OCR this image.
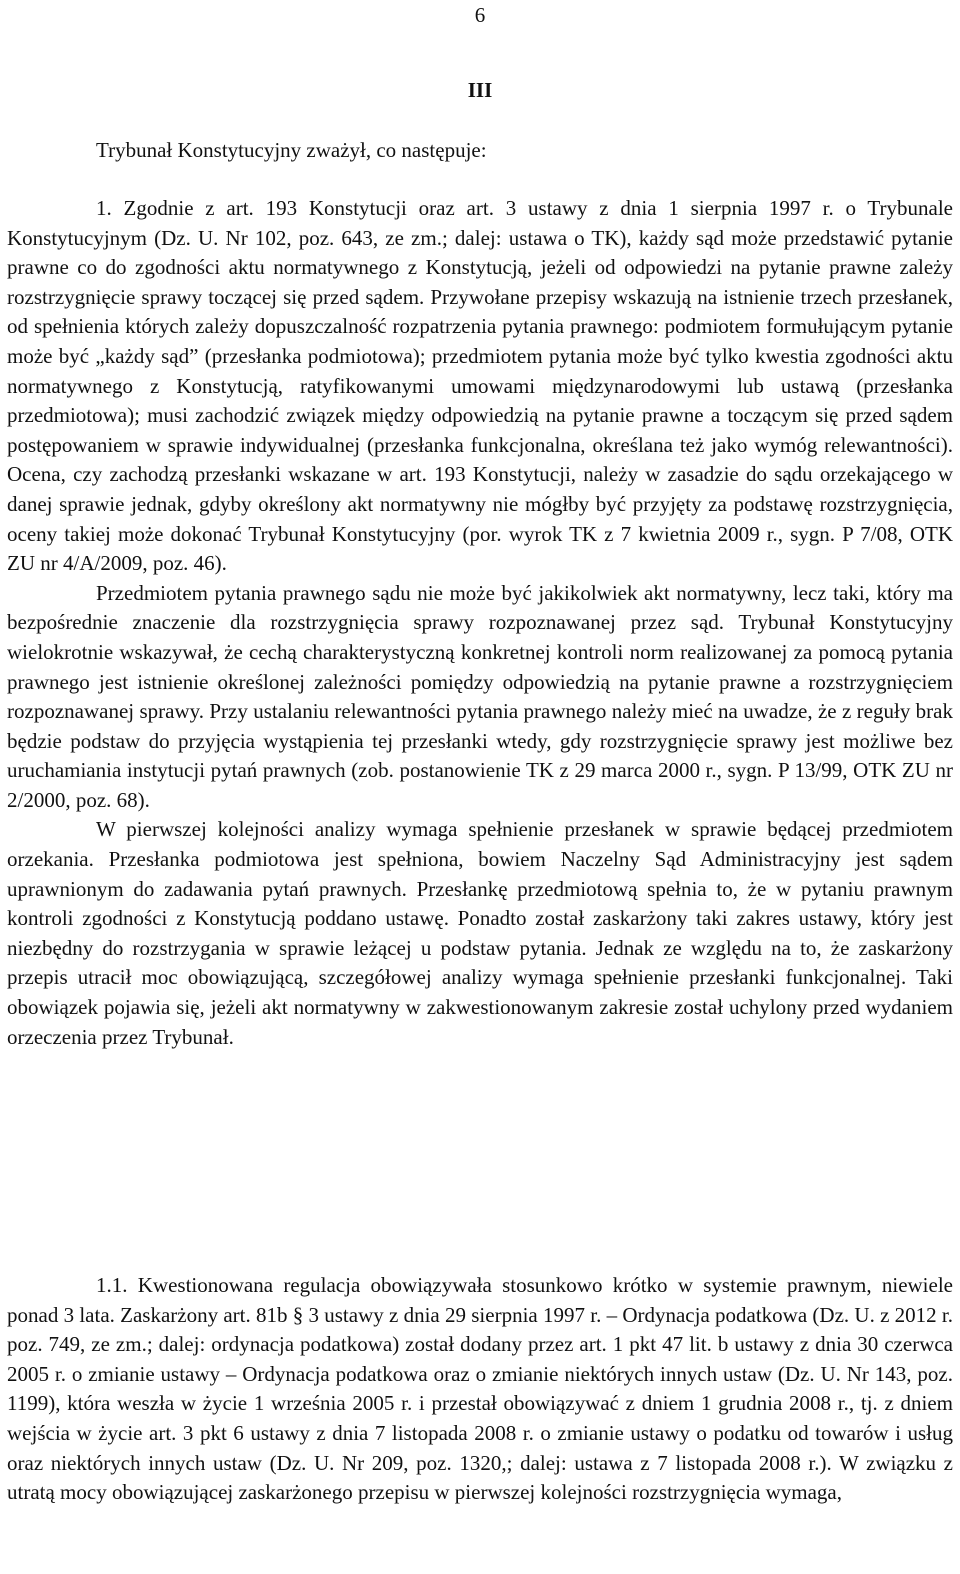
6
III
Trybunał Konstytucyjny zważył, co następuje:

1. Zgodnie z art. 193 Konstytucji oraz art. 3 ustawy z dnia 1 sierpnia 1997 r. o Trybunale Konstytucyjnym (Dz. U. Nr 102, poz. 643, ze zm.; dalej: ustawa o TK), każdy sąd może przedstawić pytanie prawne co do zgodności aktu normatywnego z Konstytucją, jeżeli od odpowiedzi na pytanie prawne zależy rozstrzygnięcie sprawy toczącej się przed sądem. Przywołane przepisy wskazują na istnienie trzech przesłanek, od spełnienia których zależy dopuszczalność rozpatrzenia pytania prawnego: podmiotem formułującym pytanie może być „każdy sąd” (przesłanka podmiotowa); przedmiotem pytania może być tylko kwestia zgodności aktu normatywnego z Konstytucją, ratyfikowanymi umowami międzynarodowymi lub ustawą (przesłanka przedmiotowa); musi zachodzić związek między odpowiedzią na pytanie prawne a toczącym się przed sądem postępowaniem w sprawie indywidualnej (przesłanka funkcjonalna, określana też jako wymóg relewantności). Ocena, czy zachodzą przesłanki wskazane w art. 193 Konstytucji, należy w zasadzie do sądu orzekającego w danej sprawie jednak, gdyby określony akt normatywny nie mógłby być przyjęty za podstawę rozstrzygnięcia, oceny takiej może dokonać Trybunał Konstytucyjny (por. wyrok TK z 7 kwietnia 2009 r., sygn. P 7/08, OTK ZU nr 4/A/2009, poz. 46).

Przedmiotem pytania prawnego sądu nie może być jakikolwiek akt normatywny, lecz taki, który ma bezpośrednie znaczenie dla rozstrzygnięcia sprawy rozpoznawanej przez sąd. Trybunał Konstytucyjny wielokrotnie wskazywał, że cechą charakterystyczną konkretnej kontroli norm realizowanej za pomocą pytania prawnego jest istnienie określonej zależności pomiędzy odpowiedzią na pytanie prawne a rozstrzygnięciem rozpoznawanej sprawy. Przy ustalaniu relewantności pytania prawnego należy mieć na uwadze, że z reguły brak będzie podstaw do przyjęcia wystąpienia tej przesłanki wtedy, gdy rozstrzygnięcie sprawy jest możliwe bez uruchamiania instytucji pytań prawnych (zob. postanowienie TK z 29 marca 2000 r., sygn. P 13/99, OTK ZU nr 2/2000, poz. 68).

W pierwszej kolejności analizy wymaga spełnienie przesłanek w sprawie będącej przedmiotem orzekania. Przesłanka podmiotowa jest spełniona, bowiem Naczelny Sąd Administracyjny jest sądem uprawnionym do zadawania pytań prawnych. Przesłankę przedmiotową spełnia to, że w pytaniu prawnym kontroli zgodności z Konstytucją poddano ustawę. Ponadto został zaskarżony taki zakres ustawy, który jest niezbędny do rozstrzygania w sprawie leżącej u podstaw pytania. Jednak ze względu na to, że zaskarżony przepis utracił moc obowiązującą, szczegółowej analizy wymaga spełnienie przesłanki funkcjonalnej. Taki obowiązek pojawia się, jeżeli akt normatywny w zakwestionowanym zakresie został uchylony przed wydaniem orzeczenia przez Trybunał.

1.1. Kwestionowana regulacja obowiązywała stosunkowo krótko w systemie prawnym, niewiele ponad 3 lata. Zaskarżony art. 81b § 3 ustawy z dnia 29 sierpnia 1997 r. – Ordynacja podatkowa (Dz. U. z 2012 r. poz. 749, ze zm.; dalej: ordynacja podatkowa) został dodany przez art. 1 pkt 47 lit. b ustawy z dnia 30 czerwca 2005 r. o zmianie ustawy – Ordynacja podatkowa oraz o zmianie niektórych innych ustaw (Dz. U. Nr 143, poz. 1199), która weszła w życie 1 września 2005 r. i przestał obowiązywać z dniem 1 grudnia 2008 r., tj. z dniem wejścia w życie art. 3 pkt 6 ustawy z dnia 7 listopada 2008 r. o zmianie ustawy o podatku od towarów i usług oraz niektórych innych ustaw (Dz. U. Nr 209, poz. 1320,; dalej: ustawa z 7 listopada 2008 r.). W związku z utratą mocy obowiązującej zaskarżonego przepisu w pierwszej kolejności rozstrzygnięcia wymaga,
